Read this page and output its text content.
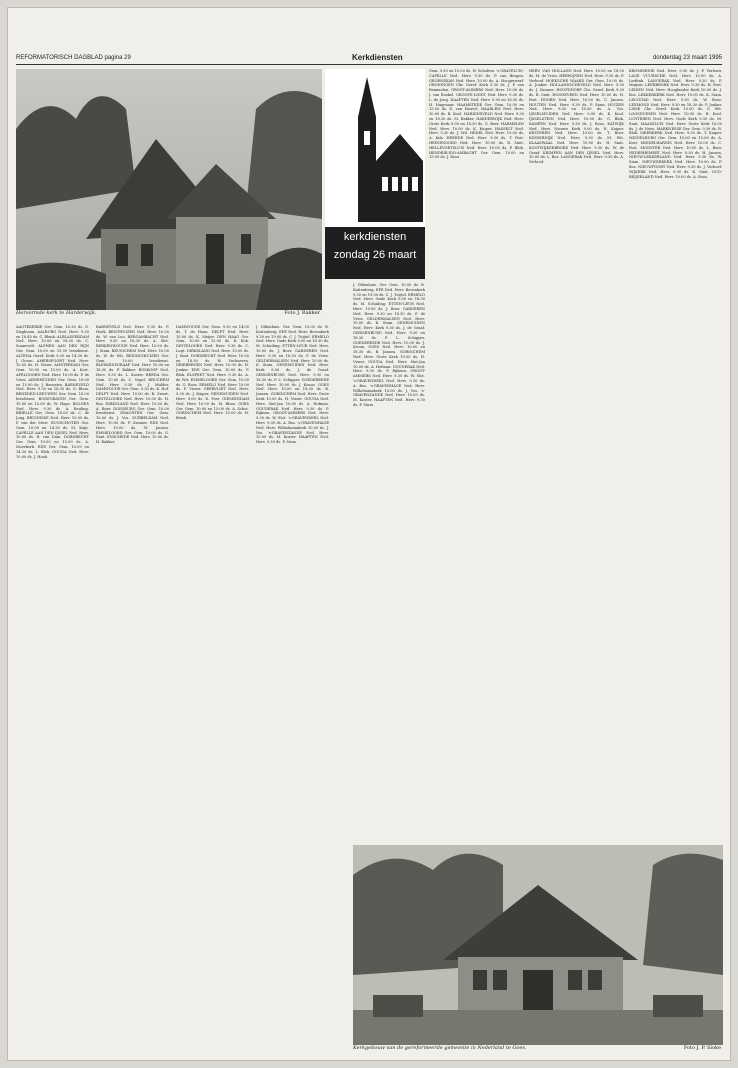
REFORMATORISCH DAGBLAD pagina 29	Kerkdiensten	donderdag 23 maart 1995
Hervormde kerk te Harderwijk.	Foto J. Bakker
kerkdiensten
zondag 26 maart
AAGTEKERKE Ger. Gem. 10.30 ds. D. Slagboom. AALBURG Ned. Herv. 9.30 en 18.45 ds. C. Blenk. ALBLASSERDAM Ned. Herv. 10.00 en 18.30 ds. C. Sonnevelt. ALPHEN AAN DEN RIJN Ger. Gem. 10.00 en 15.00 leesdienst. ALTENA Geref. Kerk 9.30 en 14.30 ds. J. Groen. AMERSFOORT Ned. Herv. 10.00 ds. H. Visser. AMSTERDAM Ger. Gem. 10.00 en 15.00 ds. A. Kort. APELDOORN Ned. Herv. 10.00 ds. P. de Vries. ARNEMUIDEN Ger. Gem. 10.00 en 15.00 ds. J. Boonstra. BARNEVELD Ned. Herv. 9.30 en 18.30 ds. G. Blom. BENEDEN-LEEUWEN Ger. Gem. 10.00 leesdienst. BODEGRAVEN Ger. Gem. 10.00 en 15.00 ds. W. Hage. BOLNES Ned. Herv. 9.30 ds. A. Reuling. BRIELLE Ger. Gem. 10.00 ds. C. de Jong. BRUINISSE Ned. Herv. 10.00 ds. P. van der Meer. BUNSCHOTEN Ger. Gem. 10.00 en 14.30 ds. M. Kuijt. CAPELLE AAN DEN IJSSEL Ned. Herv. 10.00 ds. R. van Dam. DORDRECHT Ger. Gem. 10.00 en 15.00 ds. A. Moerkerk. EDE Ger. Gem. 10.00 en 14.30 ds. L. Blok. GOUDA Ned. Herv. 10.00 ds. J. Hoek.
BARNEVELD Ned. Herv. 9.30 ds. P. Hoek. BENTHUIZEN Ned. Herv. 10.00 ds. W. van Loo. BERGAMBACHT Ned. Herv. 9.30 en 18.30 ds. A. Slot. BERKENWOUDE Ned. Herv. 10.00 ds. J. Stam. BEUSICHEM Ned. Herv. 10.00 ds. W. de Wit. BIDDINGHUIZEN Ger. Gem. 10.00 leesdienst. BLESKENSGRAAF Ned. Herv. 10.00 en 18.30 ds. P. Bakker. BOSKOOP Ned. Herv. 9.30 ds. L. Koster. BREDA Ger. Gem. 10.00 ds. C. Vogel. BRUCHEM Ned. Herv. 9.30 ds. J. Mulder. DAMWOUDE Ger. Gem. 9.30 ds. K. Hof. DELFT Ned. Herv. 10.00 ds. B. Zwart. DINTELOORD Ned. Herv. 10.00 ds. H. Bos. DIRKSLAND Ned. Herv. 10.00 ds. A. Boer. DOESBURG Ger. Gem. 10.00 leesdienst. DRACHTEN Ger. Gem. 10.00 ds. J. Vos. DUBBELDAM Ned. Herv. 10.00 ds. P. Kramer. EDE Ned. Herv. 10.00 ds. W. Jansen. EMMELOORD Ger. Gem. 10.00 ds. G. Smit. ENSCHEDE Ned. Herv. 10.00 ds. H. Bakker.
DAMWOUDE Ger. Gem. 9.30 en 14.00 ds. T. de Haan. DELFT Ned. Herv. 10.00 ds. K. Meijer. DEN HAAG Ger. Gem. 10.00 en 15.00 ds. R. Kok. DINTELOORD Ned. Herv. 9.30 ds. C. Lugt. DIRKSLAND Ned. Herv. 10.00 ds. J. Smit. DORDRECHT Ned. Herv. 10.00 en 18.30 ds. W. Verhoeven. DRIEBERGEN Ned. Herv. 10.00 ds. H. Jonker. EDE Ger. Gem. 10.00 ds. P. Blok. ELSPEET Ned. Herv. 9.30 ds. A. de Wit. EMMELOORD Ger. Gem. 10.00 ds. G. Roos. ERMELO Ned. Herv. 10.00 ds. F. Visser. GEERVLIET Ned. Herv. 9.30 ds. J. Kuiper. GENEMUIDEN Ned. Herv. 9.00 ds. D. Post. GIESSENDAM Ned. Herv. 10.00 ds. M. Blom. GOES Ger. Gem. 10.00 en 15.00 ds. A. Schot. GORINCHEM Ned. Herv. 10.00 ds. H. Brink.
J. Oldenhuis. Ger. Gem. 10.00 ds. R. Kattenberg. EPE Ned. Herv. Bovenkerk 9.30 en 19.00 ds. C. J. Tuijtel. ERMELO Ned. Herv. Oude Kerk 9.00 en 18.30 ds. M. Schuiling. ETTEN-LEUR Ned. Herv. 10.00 ds. J. Boer. GARDEREN Ned. Herv. 9.30 en 18.30 ds. P. de Vries. GELDERMALSEN Ned. Herv. 10.00 ds. K. Stam. GENEMUIDEN Ned. Herv. Kerk 9.30 ds. J. de Graaf. GIESSENBURG Ned. Herv. 9.30 en 18.30 ds. P. L. Schipper. GOEDEREEDE Ned. Herv. 10.00 ds. J. Kroon. GOES Ned. Herv. 10.00 en 18.30 ds. B. Jansen. GORINCHEM Ned. Herv. Grote Kerk 10.00 ds. H. Visser. GOUDA Ned. Herv. Sint-Jan 10.00 ds. A. Hofman. GOUDERAK Ned. Herv. 9.30 ds. P. Rijksen. GROOT-AMMERS Ned. Herv. 9.30 ds. W. Slot. 's-GRAVENDEEL Ned. Herv. 9.30 ds. A. Bos. 's-GRAVENHAGE Ned. Herv. Wilhelminakerk 10.00 ds. J. Vos. 's-GRAVENZANDE Ned. Herv. 10.00 ds. M. Koster. HAAFTEN Ned. Herv. 9.30 ds. P. Stam.
Gem. 9.30 en 15.00 ds. W. Scholten. 's-GRAVELUIS-CAPELLE Ned. Herv. 9.30 ds. P. van Bergen. GROENEKAN Ned. Herv. 10.00 ds. A. Hoogerwerf. GRONINGEN Chr. Geref. Kerk 9.30 ds. J. P. van Bemmelen. GROOT-AMMERS Ned. Herv. 10.00 ds. J. van Roekel. GROOTE-LINDT Ned. Herv. 9.30 ds. L. de Jong. HAAFTEN Ned. Herv. 9.30 en 18.30 ds. H. Hagenaar. HAAMSTEDE Ger. Gem. 10.00 en 15.00 ds. D. van Heuvel. HAARLEM Ned. Herv. 10.00 ds. B. Kool. HARDINXVELD Ned. Herv. 9.30 en 18.30 ds. M. Bakker. HARDERWIJK Ned. Herv. Grote Kerk 9.30 en 18.30 ds. G. Boer. HARMELEN Ned. Herv. 10.00 ds. K. Kuiper. HASSELT Ned. Herv. 9.30 ds. J. Wit. HEDEL Ned. Herv. 10.00 ds. A. Kok. HEERDE Ned. Herv. 9.30 ds. T. Post. HEINENOORD Ned. Herv. 10.00 ds. R. Smit. HELLEVOETSLUIS Ned. Herv. 10.00 ds. P. Blok. HENDRIK-IDO-AMBACHT Ger. Gem. 10.00 en 15.00 ds. J. Roos.
HERV. VAN HOLLAND Ned. Herv. 10.00 en 18.30 ds. M. de Vries. HERWIJNEN Ned. Herv. 9.30 ds. P. Verhoef. HOEKSCHE WAARD Ger. Gem. 10.00 ds. A. Jonker. HOLLANDSCHEVELD Ned. Herv. 9.30 ds. J. Kramer. HOOFDDORP Chr. Geref. Kerk 9.30 ds. B. Smit. HOOGEVEEN Ned. Herv. 10.00 ds. H. Post. HOORN Ned. Herv. 10.00 ds. C. Jansen. HOUTEN Ned. Herv. 9.30 ds. P. Stam. HUIZEN Ned. Herv. 9.30 en 18.30 ds. A. Vos. IJSSELMUIDEN Ned. Herv. 9.00 ds. K. Kool. IJSSELSTEIN Ned. Herv. 10.00 ds. G. Blok. KAMPEN Ned. Herv. 9.30 ds. J. Roos. KATWIJK Ned. Herv. Nieuwe Kerk 9.00 ds. R. Kuiper. KESTEREN Ned. Herv. 10.00 ds. T. Boer. KINDERDIJK Ned. Herv. 9.30 ds. M. Wit. KLAASWAAL Ned. Herv. 10.00 ds. H. Smit. KOOTWIJKERBROEK Ned. Herv. 9.30 ds. W. de Graaf. KRIMPEN AAN DEN IJSSEL Ned. Herv. 10.00 ds. L. Bos. LANGERAK Ned. Herv. 9.30 ds. A. Verhoef.
KROMMENIE Ned. Herv. 9.30 ds. J. P. Verlouw. LAGE VUURSCHE Ned. Herv. 10.00 ds. A. Lieftink. LANGERAK Ned. Herv. 9.30 ds. P. Muijzer. LEERBROEK Ned. Herv. 9.30 ds. H. Post. LEIDEN Ned. Herv. Hooglandse Kerk 10.00 ds. J. Bos. LEKKERKERK Ned. Herv. 10.00 ds. K. Stam. LELYSTAD Ned. Herv. 9.30 ds. W. Roos. LEXMOND Ned. Herv. 9.30 en 18.30 ds. P. Jonker. LISSE Chr. Geref. Kerk 10.00 ds. G. Wit. LOOSDUINEN Ned. Herv. 10.00 ds. B. Kool. LUNTEREN Ned. Herv. Oude Kerk 9.30 ds. M. Smit. MAASSLUIS Ned. Herv. Grote Kerk 10.00 ds. J. de Vries. MARKNESSE Ger. Gem. 9.30 ds. R. Blok. MEERKERK Ned. Herv. 9.30 ds. T. Kuiper. MIDDELBURG Ger. Gem. 10.00 en 15.00 ds. A. Kort. MIDDELHARNIS Ned. Herv. 10.00 ds. C. Post. MONSTER Ned. Herv. 10.00 ds. L. Boer. NEDERHEMERT Ned. Herv. 9.30 ds. H. Jansen. NIEUW-LEKKERLAND Ned. Herv. 9.30 ds. W. Stam. NIEUWERKERK Ned. Herv. 10.00 ds. P. Bos. NIEUWPOORT Ned. Herv. 9.30 ds. J. Verhoef. NIJKERK Ned. Herv. 9.30 ds. K. Smit. OUD-BEIJERLAND Ned. Herv. 10.00 ds. A. Roos.
J. Oldenhuis. Ger. Gem. 10.00 ds. R. Kattenberg. EPE Ned. Herv. Bovenkerk 9.30 en 19.00 ds. C. J. Tuijtel. ERMELO Ned. Herv. Oude Kerk 9.00 en 18.30 ds. M. Schuiling. ETTEN-LEUR Ned. Herv. 10.00 ds. J. Boer. GARDEREN Ned. Herv. 9.30 en 18.30 ds. P. de Vries. GELDERMALSEN Ned. Herv. 10.00 ds. K. Stam. GENEMUIDEN Ned. Herv. Kerk 9.30 ds. J. de Graaf. GIESSENBURG Ned. Herv. 9.30 en 18.30 ds. P. L. Schipper. GOEDEREEDE Ned. Herv. 10.00 ds. J. Kroon. GOES Ned. Herv. 10.00 en 18.30 ds. B. Jansen. GORINCHEM Ned. Herv. Grote Kerk 10.00 ds. H. Visser. GOUDA Ned. Herv. Sint-Jan 10.00 ds. A. Hofman. GOUDERAK Ned. Herv. 9.30 ds. P. Rijksen. GROOT-AMMERS Ned. Herv. 9.30 ds. W. Slot. 's-GRAVENDEEL Ned. Herv. 9.30 ds. A. Bos. 's-GRAVENHAGE Ned. Herv. Wilhelminakerk 10.00 ds. J. Vos. 's-GRAVENZANDE Ned. Herv. 10.00 ds. M. Koster. HAAFTEN Ned. Herv. 9.30 ds. P. Stam.
Kerkgebouw van de gereformeerde gemeente in Nederland te Goes.	Foto J. P. Sloke
